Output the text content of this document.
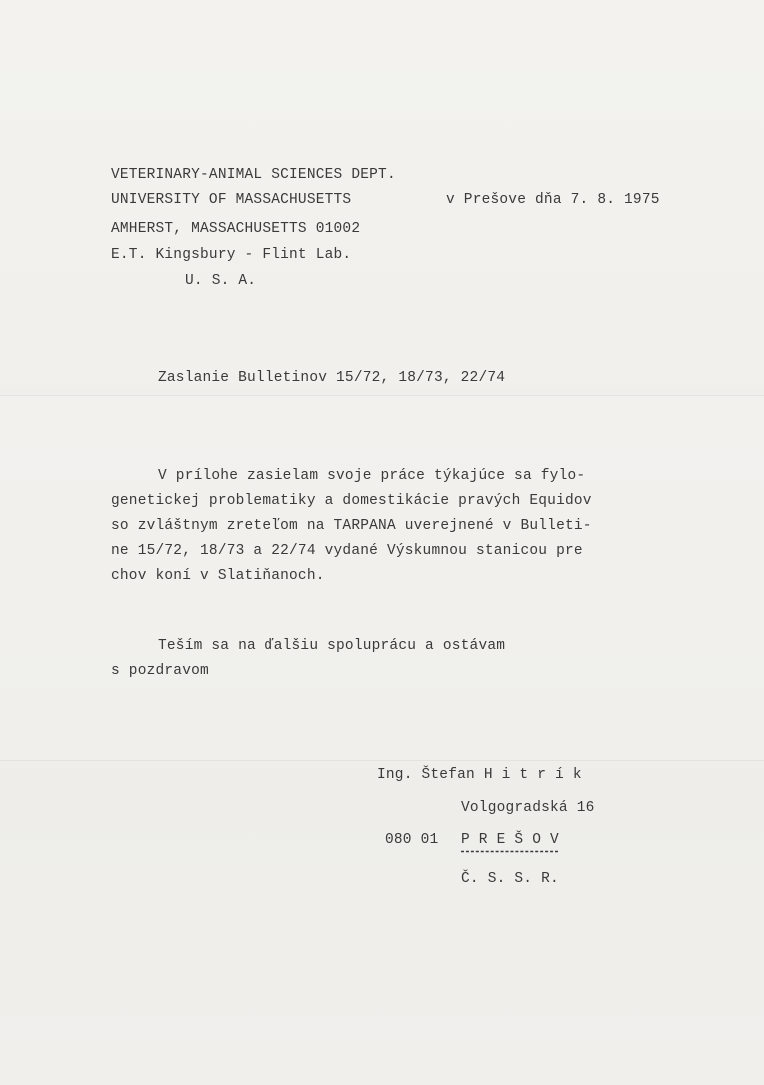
VETERINARY-ANIMAL SCIENCES DEPT.
UNIVERSITY OF MASSACHUSETTS	v Prešove dňa 7. 8. 1975
AMHERST, MASSACHUSETTS 01002
E.T. Kingsbury - Flint Lab.
U. S. A.
Zaslanie Bulletinov 15/72, 18/73, 22/74
V prílohe zasielam svoje práce týkajúce sa fylo-
genetickej problematiky a domestikácie pravých Equidov
so zvláštnym zreteľom na TARPANA uverejnené v Bulleti-
ne 15/72, 18/73 a 22/74 vydané Výskumnou stanicou pre
chov koní v Slatiňanoch.
Teším sa na ďalšiu spoluprácu a ostávam
s pozdravom
Ing. Štefan H i t r í k
Volgogradská 16
080 01 P R E Š O V
Č. S. S. R.
